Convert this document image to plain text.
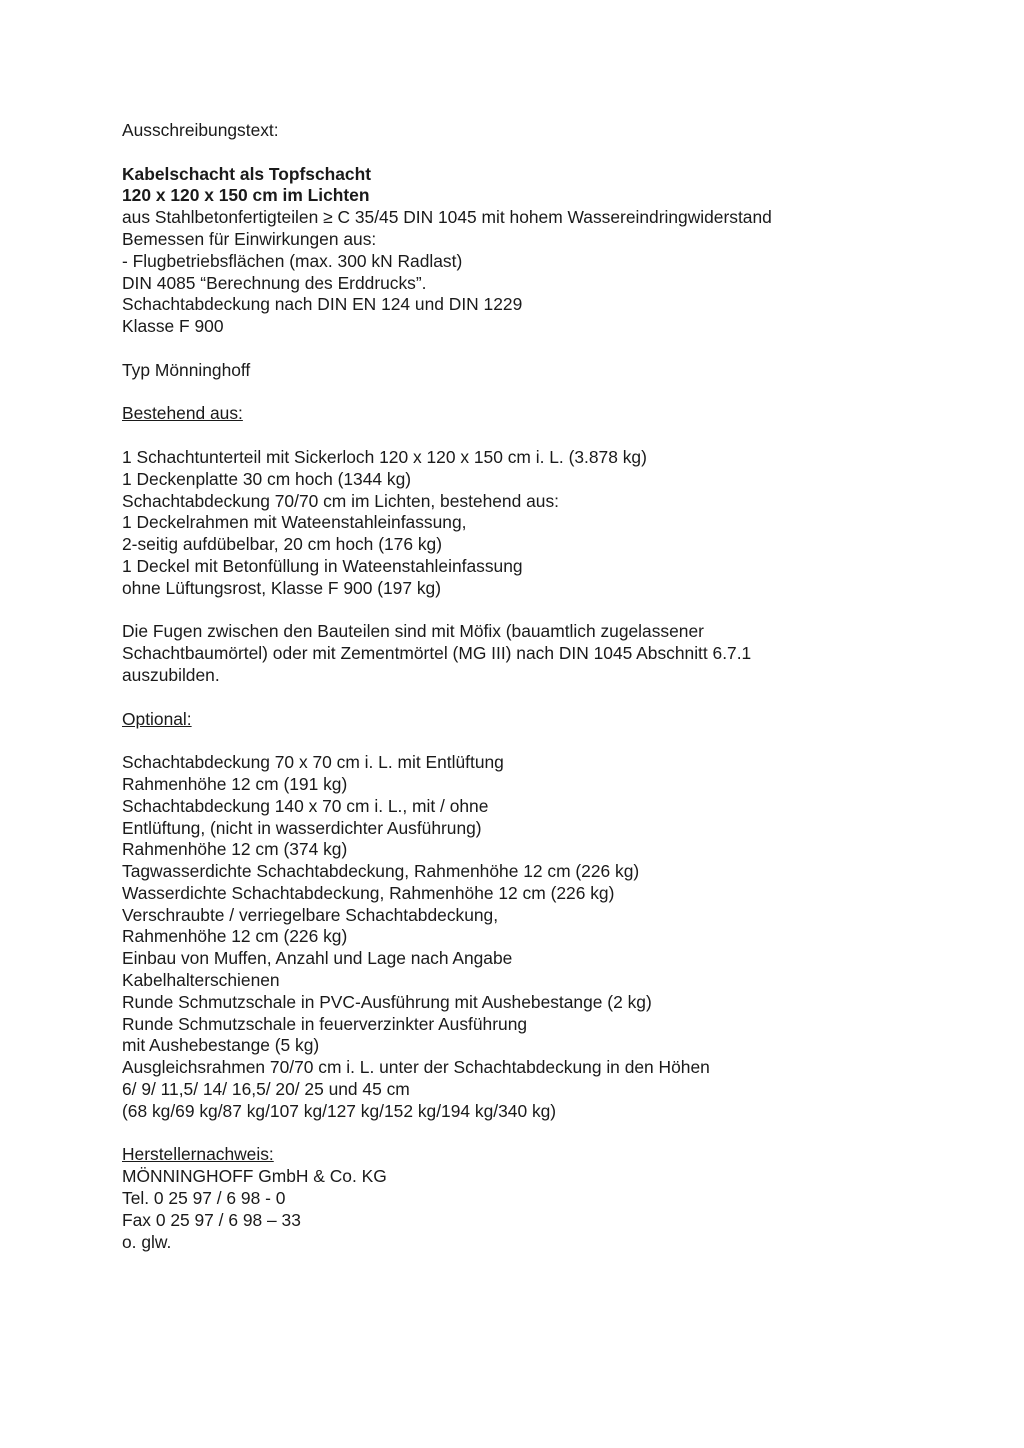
Ausschreibungstext:
Kabelschacht als Topfschacht
120 x 120 x 150 cm im Lichten
aus Stahlbetonfertigteilen ≥ C 35/45 DIN 1045 mit hohem Wassereindringwiderstand
Bemessen für Einwirkungen aus:
- Flugbetriebsflächen (max. 300 kN Radlast)
DIN 4085 “Berechnung des Erddrucks”.
Schachtabdeckung nach DIN EN 124 und DIN 1229
Klasse F 900
Typ Mönninghoff
Bestehend aus:
1 Schachtunterteil mit Sickerloch 120 x 120 x 150 cm i. L. (3.878 kg)
1 Deckenplatte 30 cm hoch (1344 kg)
Schachtabdeckung 70/70 cm im Lichten, bestehend aus:
1 Deckelrahmen mit Wateenstahleinfassung,
2-seitig aufdübelbar, 20 cm hoch (176 kg)
1 Deckel mit Betonfüllung in Wateenstahleinfassung
ohne Lüftungsrost, Klasse F 900 (197 kg)
Die Fugen zwischen den Bauteilen sind mit Möfix (bauamtlich zugelassener
Schachtbaumörtel) oder mit Zementmörtel (MG III) nach DIN 1045 Abschnitt 6.7.1
auszubilden.
Optional:
Schachtabdeckung 70 x 70 cm i. L. mit Entlüftung
Rahmenhöhe 12 cm (191 kg)
Schachtabdeckung 140 x 70 cm i. L., mit / ohne
Entlüftung, (nicht in wasserdichter Ausführung)
Rahmenhöhe 12 cm (374 kg)
Tagwasserdichte Schachtabdeckung, Rahmenhöhe 12 cm (226 kg)
Wasserdichte Schachtabdeckung, Rahmenhöhe 12 cm (226 kg)
Verschraubte / verriegelbare Schachtabdeckung,
Rahmenhöhe 12 cm (226 kg)
Einbau von Muffen, Anzahl und Lage nach Angabe
Kabelhalterschienen
Runde Schmutzschale in PVC-Ausführung mit Aushebestange (2 kg)
Runde Schmutzschale in feuerverzinkter Ausführung
mit Aushebestange (5 kg)
Ausgleichsrahmen 70/70 cm i. L. unter der Schachtabdeckung in den Höhen
6/ 9/ 11,5/ 14/ 16,5/ 20/ 25 und 45 cm
(68 kg/69 kg/87 kg/107 kg/127 kg/152 kg/194 kg/340 kg)
Herstellernachweis:
MÖNNINGHOFF GmbH & Co. KG
Tel. 0 25 97 / 6 98 - 0
Fax 0 25 97 / 6 98 – 33
o. glw.
